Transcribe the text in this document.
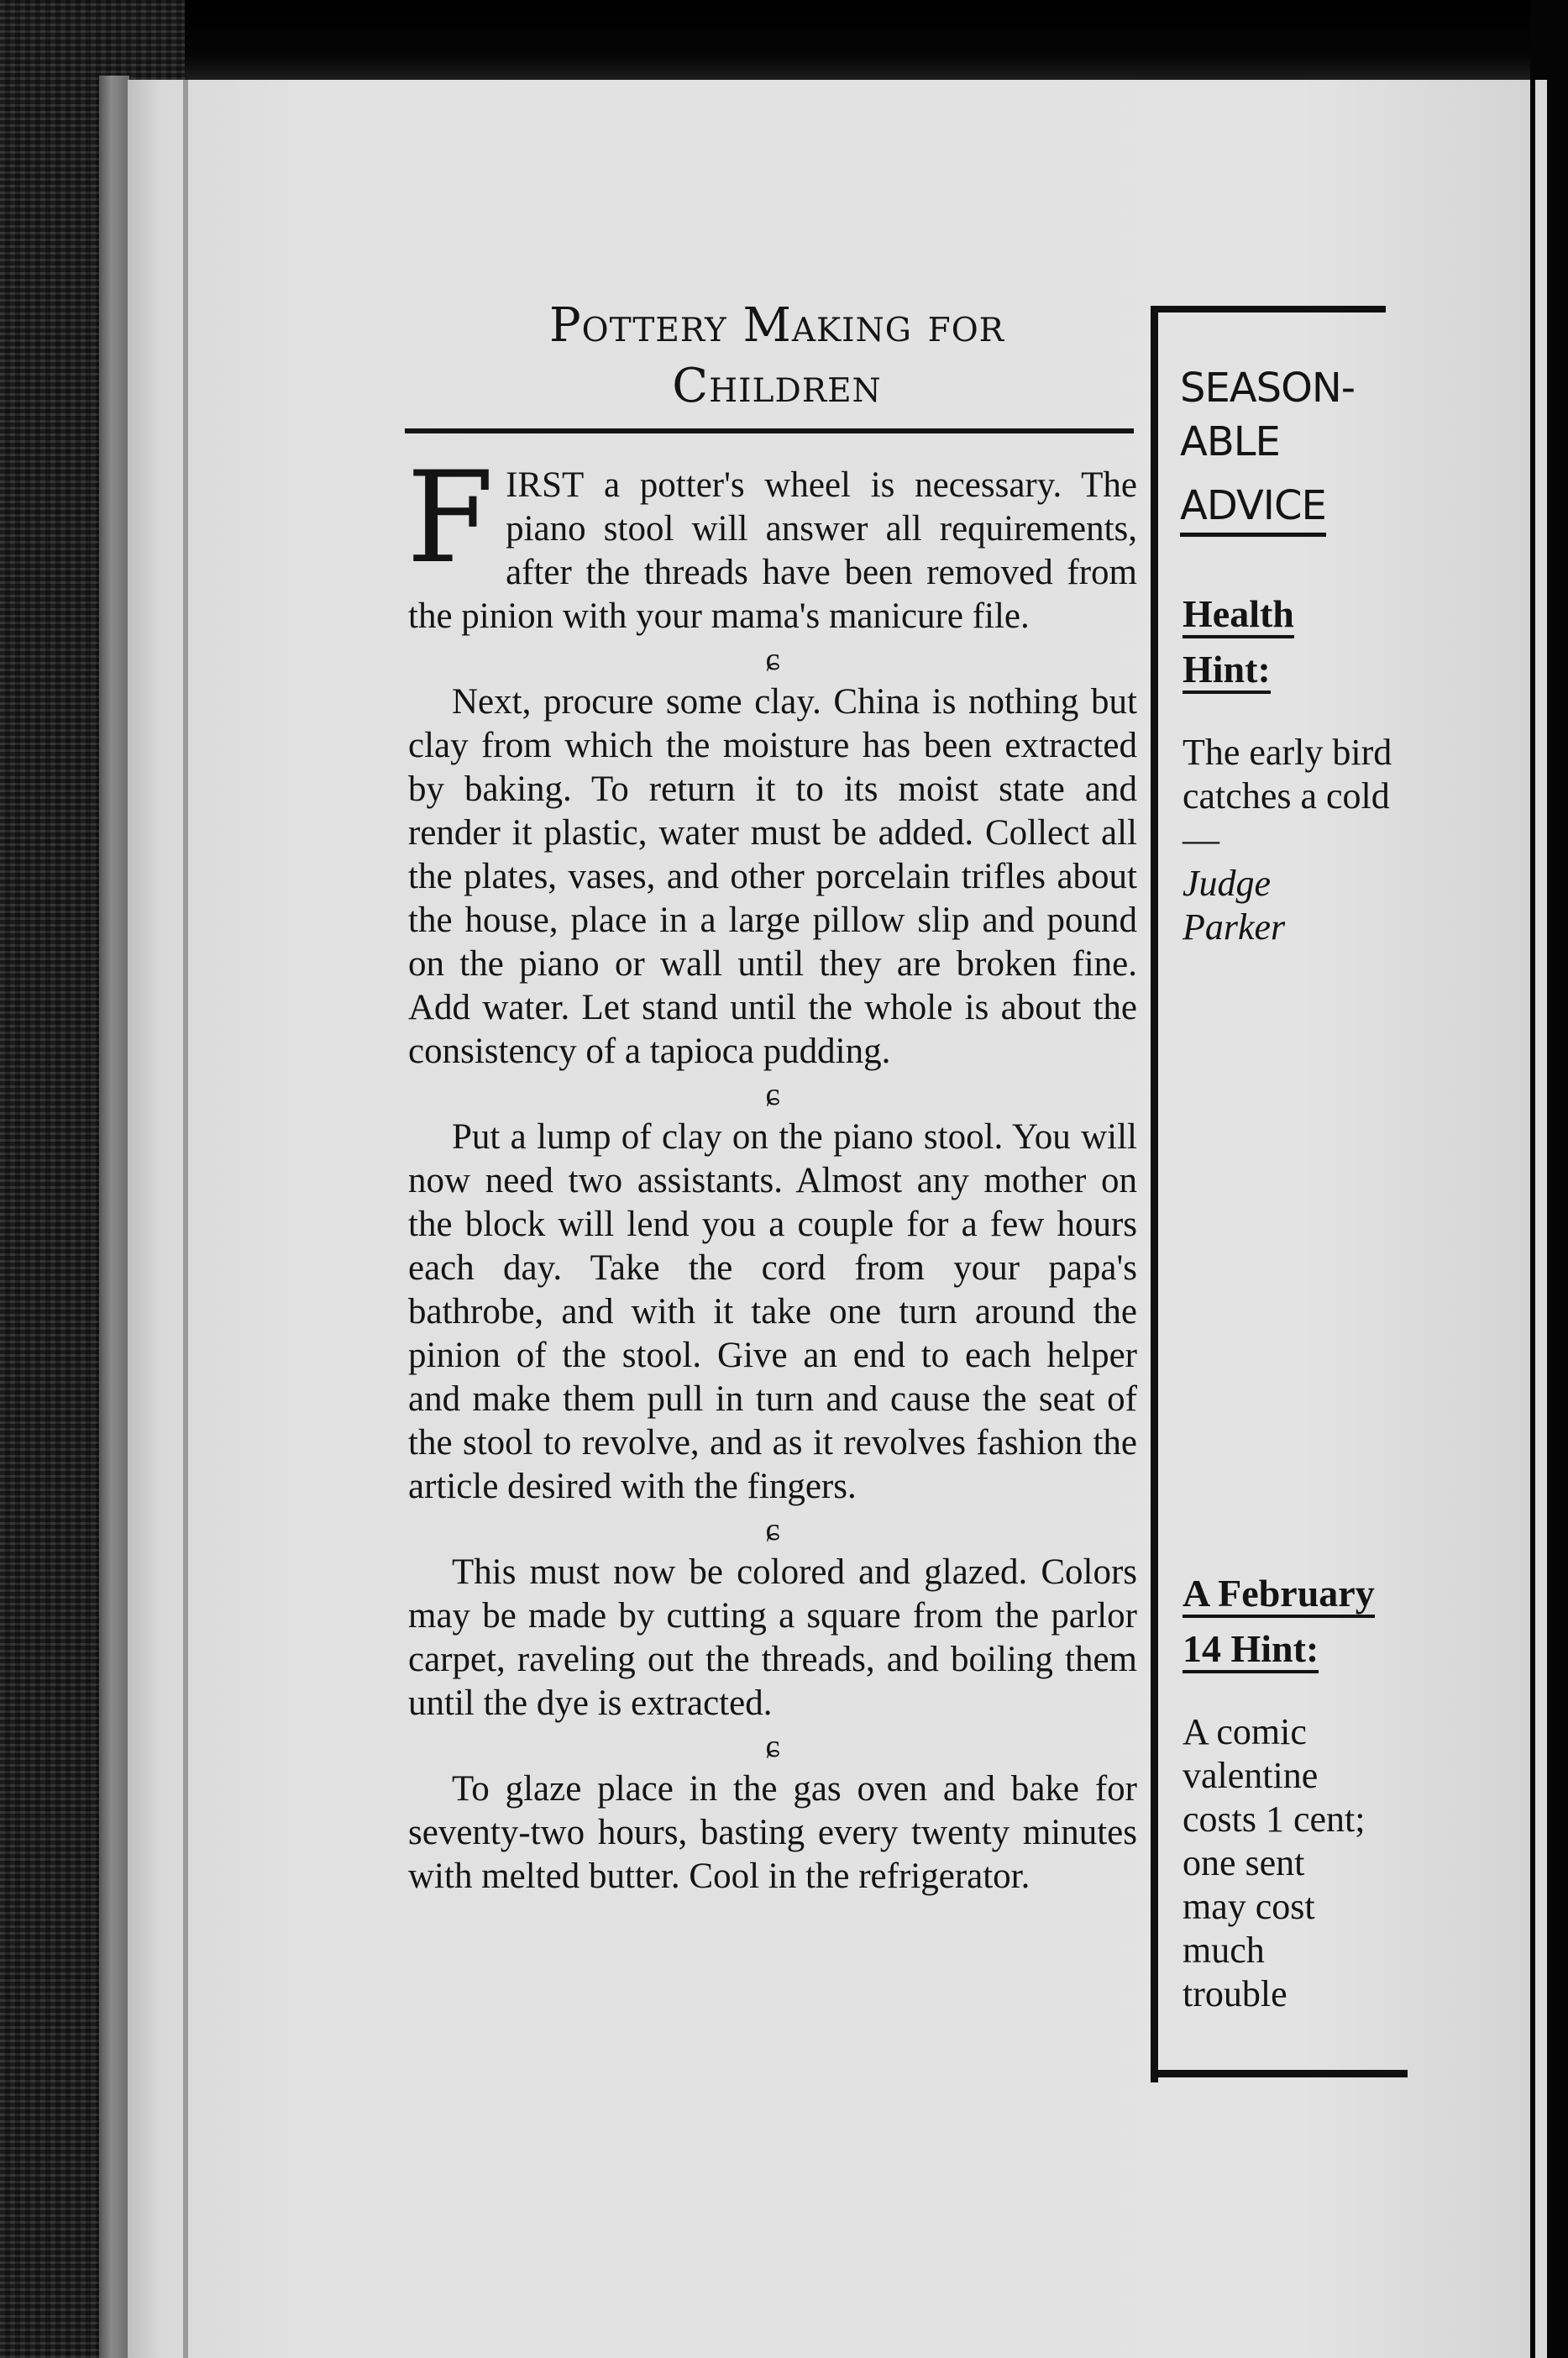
Pottery Making for
Children

FIRST a potter's wheel is necessary. The piano stool will answer all requirements, after the threads have been removed from the pinion with your mama's manicure file.

ɕ

Next, procure some clay. China is nothing but clay from which the moisture has been extracted by baking. To return it to its moist state and render it plastic, water must be added. Collect all the plates, vases, and other porcelain trifles about the house, place in a large pillow slip and pound on the piano or wall until they are broken fine. Add water. Let stand until the whole is about the consistency of a tapioca pudding.

ɕ

Put a lump of clay on the piano stool. You will now need two assistants. Almost any mother on the block will lend you a couple for a few hours each day. Take the cord from your papa's bathrobe, and with it take one turn around the pinion of the stool. Give an end to each helper and make them pull in turn and cause the seat of the stool to revolve, and as it revolves fashion the article desired with the fingers.

ɕ

This must now be colored and glazed. Colors may be made by cutting a square from the parlor carpet, raveling out the threads, and boiling them until the dye is extracted.

ɕ

To glaze place in the gas oven and bake for seventy-two hours, basting every twenty minutes with melted butter. Cool in the refrigerator.

SEASON-
ABLE
ADVICE
Health
Hint:
The early bird catches a cold —
Judge
Parker
A February
14 Hint:
A comic
valentine
costs 1 cent;
one sent
may cost
much
trouble
